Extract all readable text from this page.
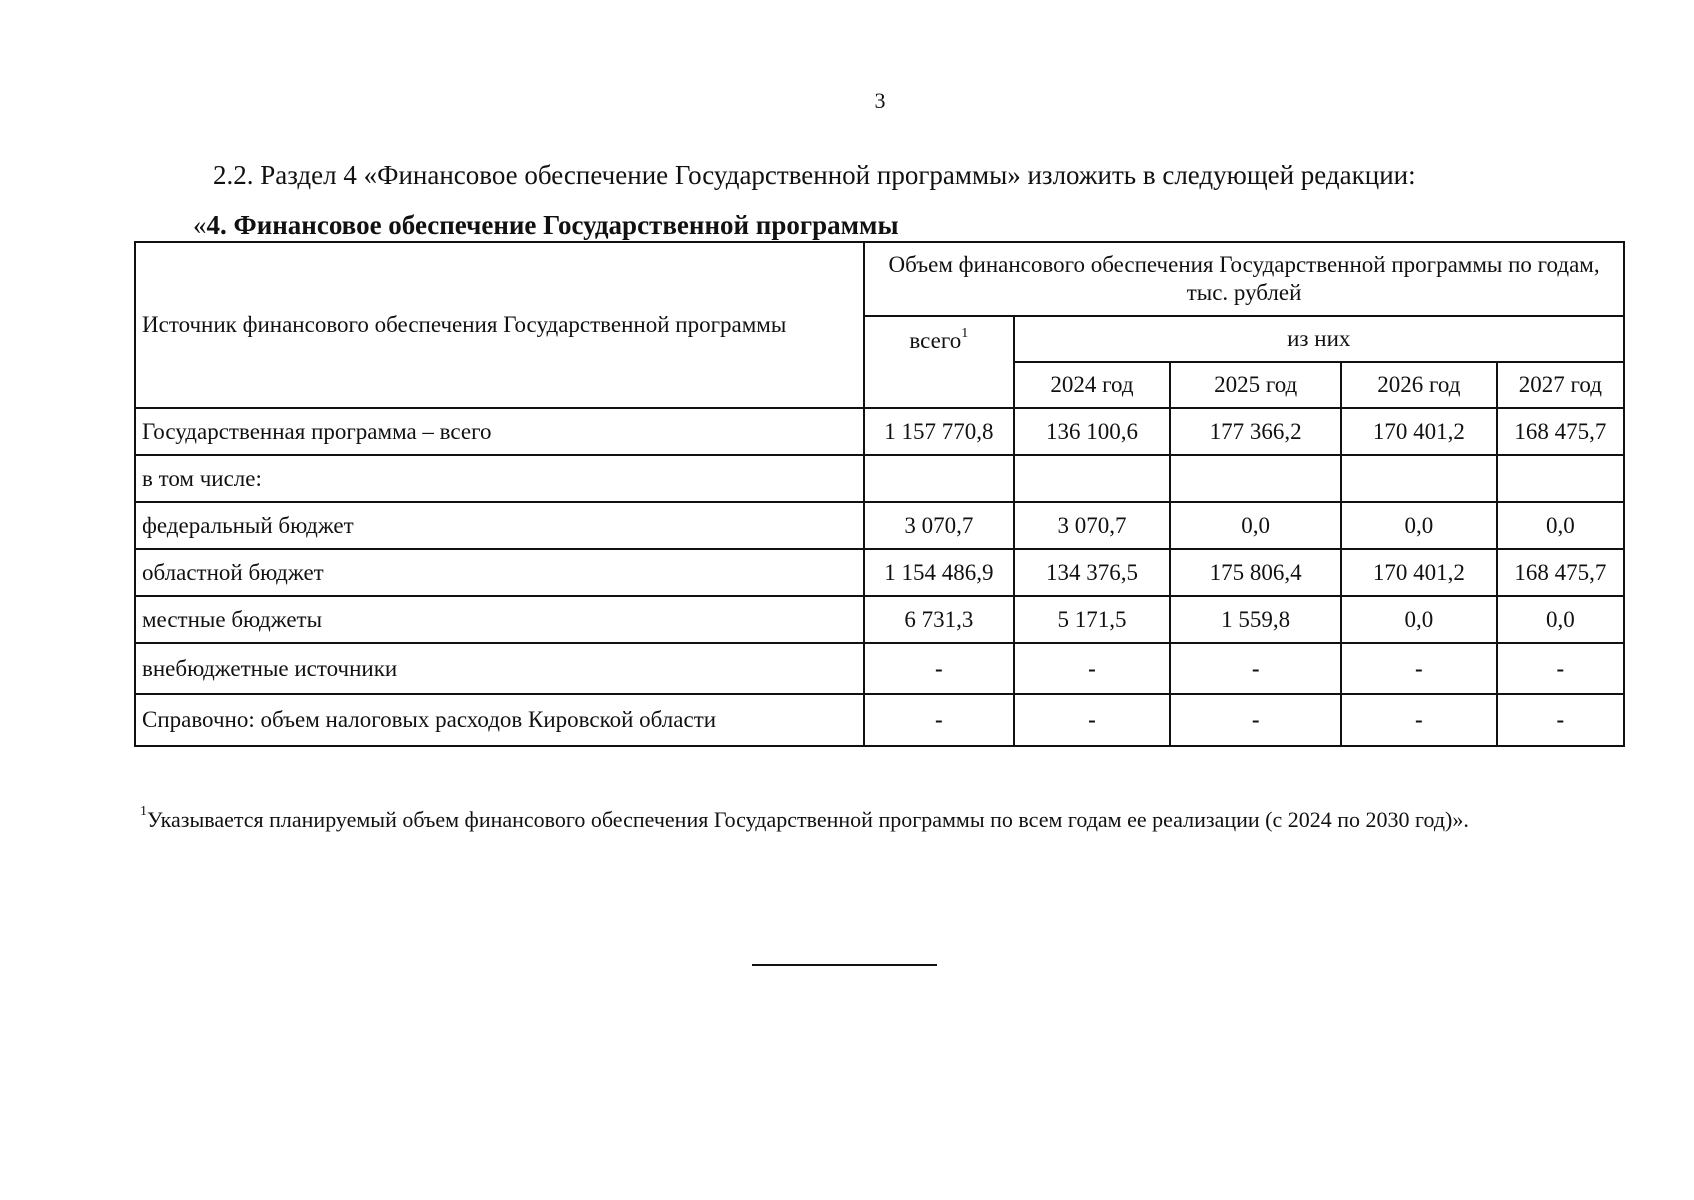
3
2.2. Раздел 4 «Финансовое обеспечение Государственной программы» изложить в следующей редакции:
«4. Финансовое обеспечение Государственной программы
Источник финансового обеспечения Государственной программы	Объем финансового обеспечения Государственной программы по годам, тыс. рублей				
	всего$^1$	из них			
		2024 год	2025 год	2026 год	2027 год
Государственная программа – всего	1 157 770,8	136 100,6	177 366,2	170 401,2	168 475,7
в том числе:					
федеральный бюджет	3 070,7	3 070,7	0,0	0,0	0,0
областной бюджет	1 154 486,9	134 376,5	175 806,4	170 401,2	168 475,7
местные бюджеты	6 731,3	5 171,5	1 559,8	0,0	0,0
внебюджетные источники	-	-	-	-	-
Справочно: объем налоговых расходов Кировской области	-	-	-	-	-
$^1$Указывается планируемый объем финансового обеспечения Государственной программы по всем годам ее реализации (с 2024 по 2030 год)».
